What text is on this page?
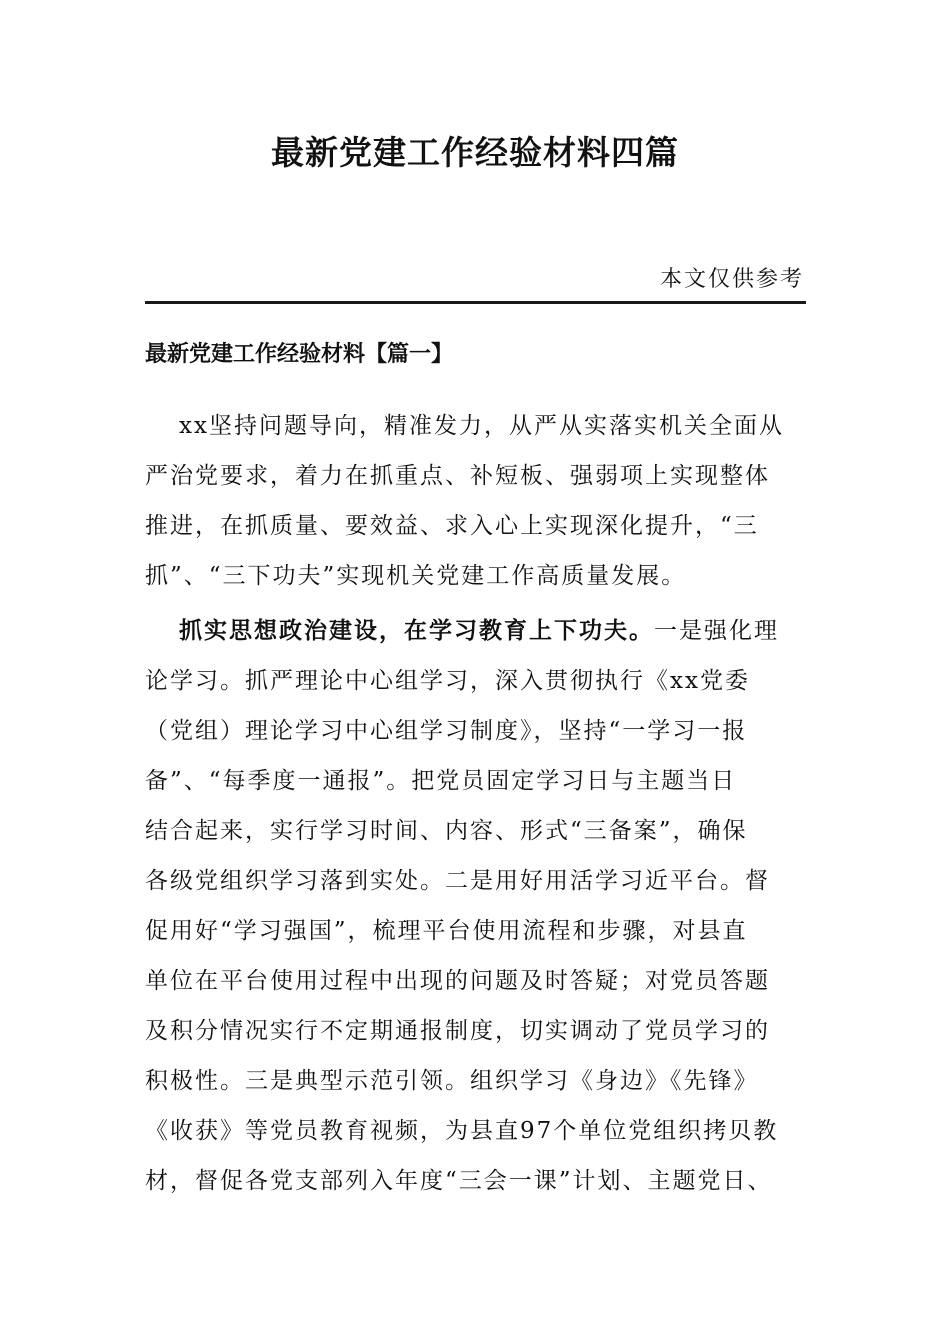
最新党建工作经验材料四篇

本文仅供参考

最新党建工作经验材料【篇一】
xx坚持问题导向，精准发力，从严从实落实机关全面从
严治党要求，着力在抓重点、补短板、强弱项上实现整体
推进，在抓质量、要效益、求入心上实现深化提升，“三
抓”、“三下功夫”实现机关党建工作高质量发展。
抓实思想政治建设，在学习教育上下功夫。一是强化理
论学习。抓严理论中心组学习，深入贯彻执行《xx党委
（党组）理论学习中心组学习制度》，坚持“一学习一报
备”、“每季度一通报”。把党员固定学习日与主题当日
结合起来，实行学习时间、内容、形式“三备案”，确保
各级党组织学习落到实处。二是用好用活学习近平台。督
促用好“学习强国”，梳理平台使用流程和步骤，对县直
单位在平台使用过程中出现的问题及时答疑；对党员答题
及积分情况实行不定期通报制度，切实调动了党员学习的
积极性。三是典型示范引领。组织学习《身边》《先锋》
《收获》等党员教育视频，为县直97个单位党组织拷贝教
材，督促各党支部列入年度“三会一课”计划、主题党日、
